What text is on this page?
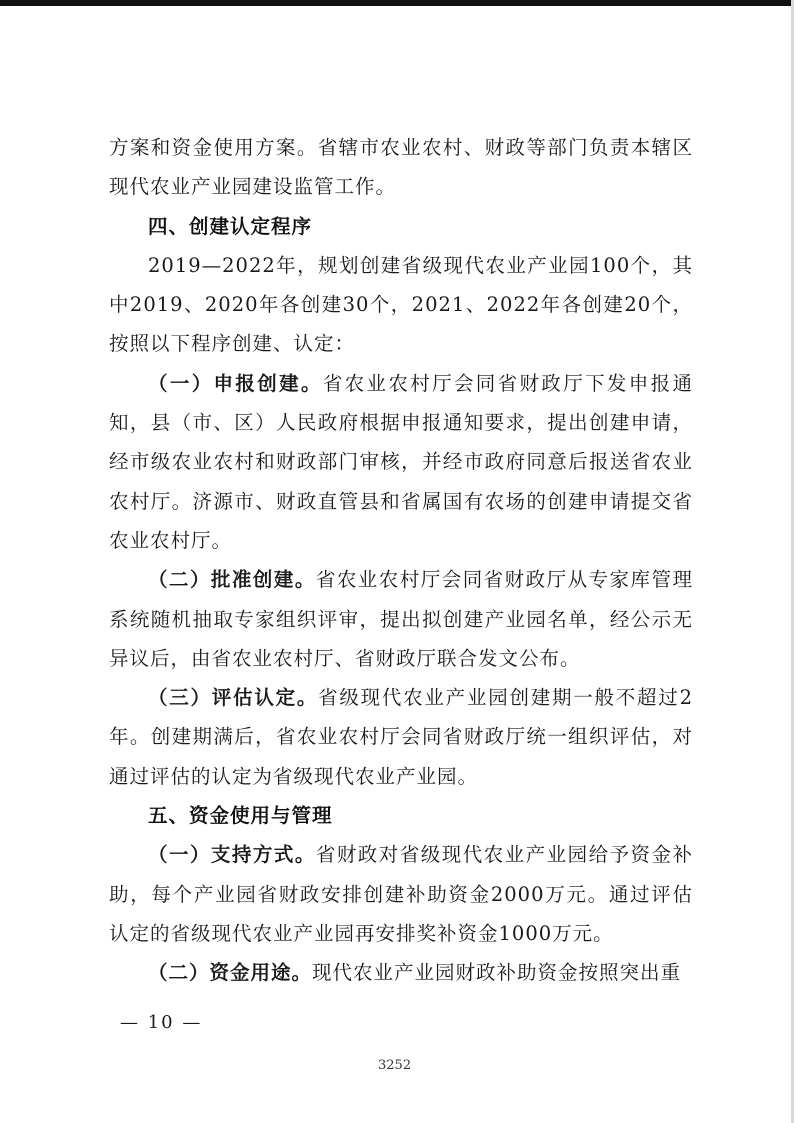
方案和资金使用方案。省辖市农业农村、财政等部门负责本辖区现代农业产业园建设监管工作。

四、创建认定程序

2019—2022年，规划创建省级现代农业产业园100个，其中2019、2020年各创建30个，2021、2022年各创建20个，按照以下程序创建、认定：

（一）申报创建。省农业农村厅会同省财政厅下发申报通知，县（市、区）人民政府根据申报通知要求，提出创建申请，经市级农业农村和财政部门审核，并经市政府同意后报送省农业农村厅。济源市、财政直管县和省属国有农场的创建申请提交省农业农村厅。

（二）批准创建。省农业农村厅会同省财政厅从专家库管理系统随机抽取专家组织评审，提出拟创建产业园名单，经公示无异议后，由省农业农村厅、省财政厅联合发文公布。

（三）评估认定。省级现代农业产业园创建期一般不超过2年。创建期满后，省农业农村厅会同省财政厅统一组织评估，对通过评估的认定为省级现代农业产业园。

五、资金使用与管理

（一）支持方式。省财政对省级现代农业产业园给予资金补助，每个产业园省财政安排创建补助资金2000万元。通过评估认定的省级现代农业产业园再安排奖补资金1000万元。

（二）资金用途。现代农业产业园财政补助资金按照突出重

— 10 —
3252
